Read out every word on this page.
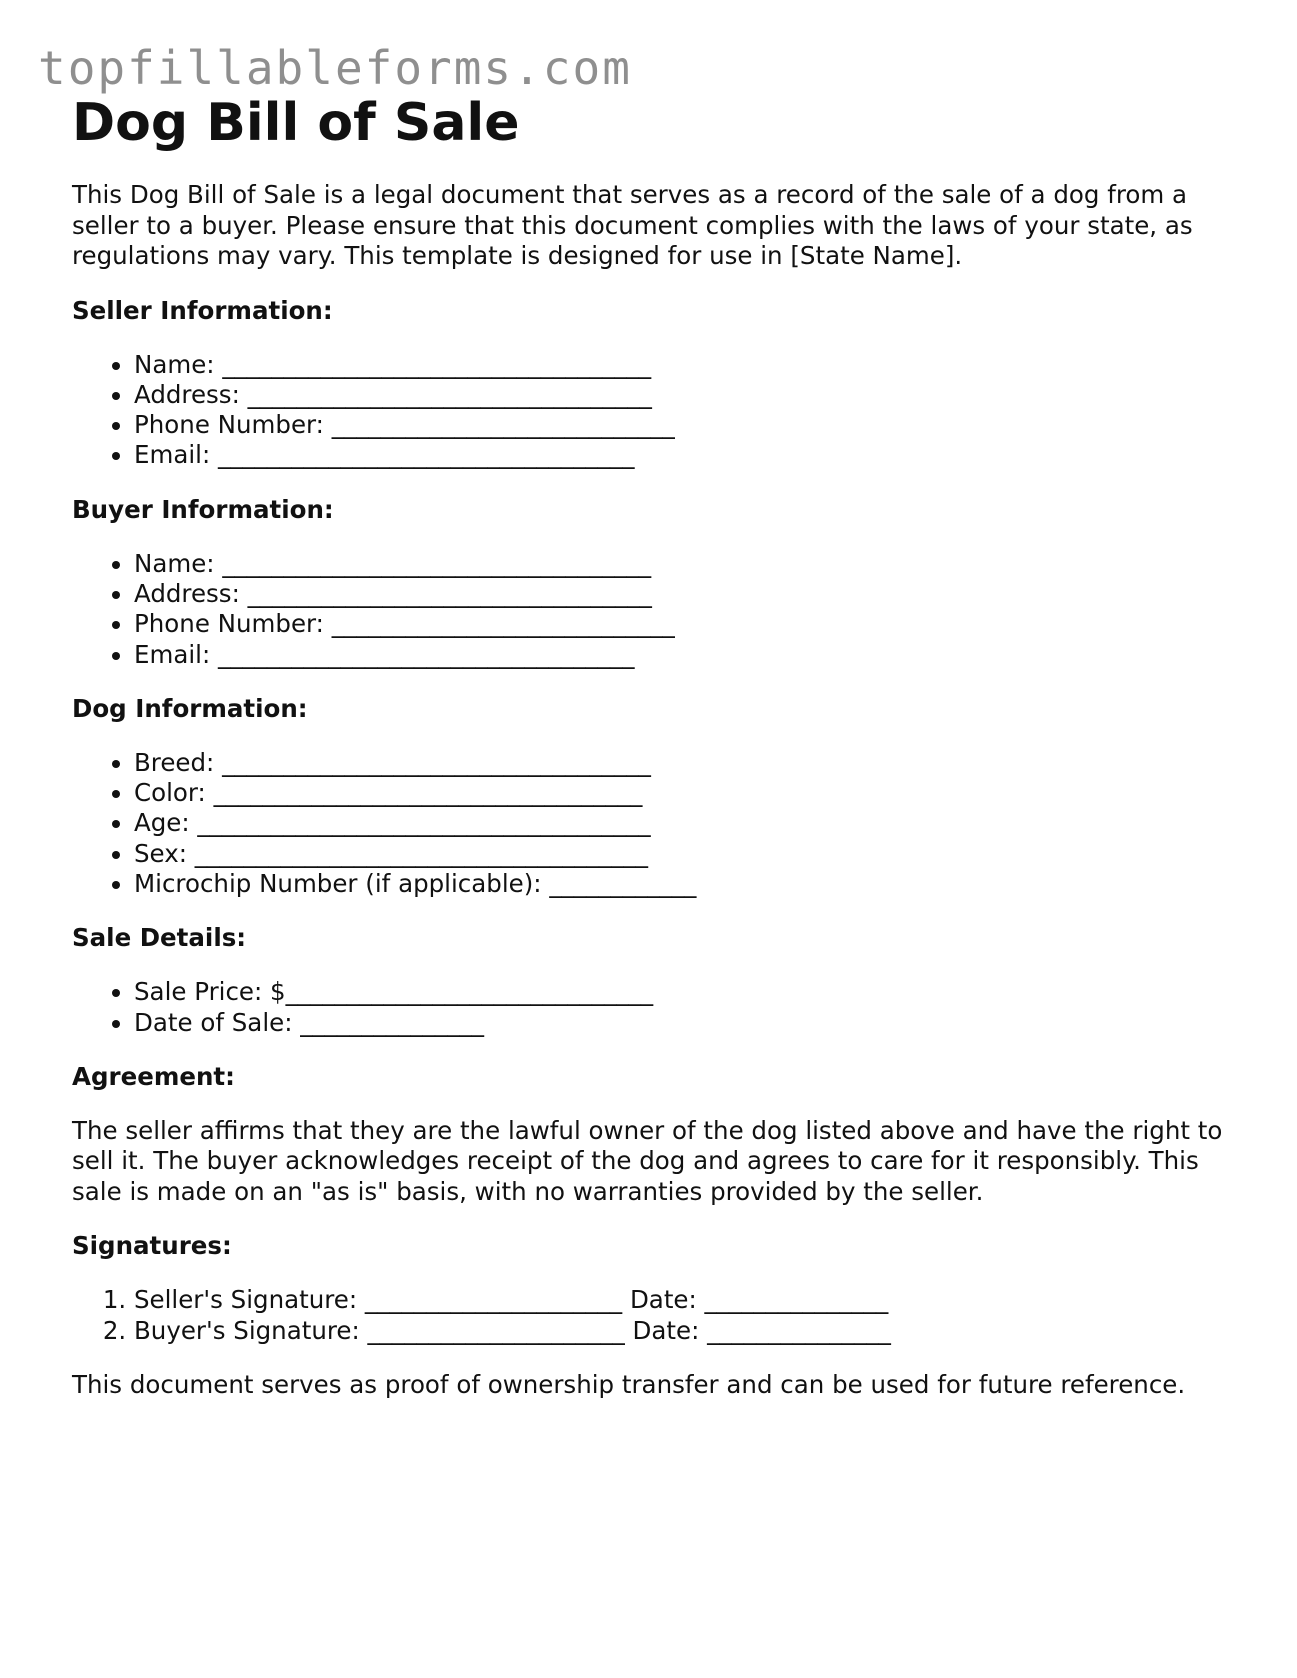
topfillableforms.com
Dog Bill of Sale

This Dog Bill of Sale is a legal document that serves as a record of the sale of a dog from a seller to a buyer. Please ensure that this document complies with the laws of your state, as regulations may vary. This template is designed for use in [State Name].

Seller Information:
• Name: ___________________________________
• Address: _________________________________
• Phone Number: ____________________________
• Email: __________________________________
Buyer Information:
• Name: ___________________________________
• Address: _________________________________
• Phone Number: ____________________________
• Email: __________________________________
Dog Information:
• Breed: ___________________________________
• Color: ___________________________________
• Age: _____________________________________
• Sex: _____________________________________
• Microchip Number (if applicable): ____________
Sale Details:
• Sale Price: $______________________________
• Date of Sale: _______________
Agreement:

The seller affirms that they are the lawful owner of the dog listed above and have the right to sell it. The buyer acknowledges receipt of the dog and agrees to care for it responsibly. This sale is made on an "as is" basis, with no warranties provided by the seller.

Signatures:
1. Seller's Signature: _____________________ Date: _______________
2. Buyer's Signature: _____________________ Date: _______________

This document serves as proof of ownership transfer and can be used for future reference.
